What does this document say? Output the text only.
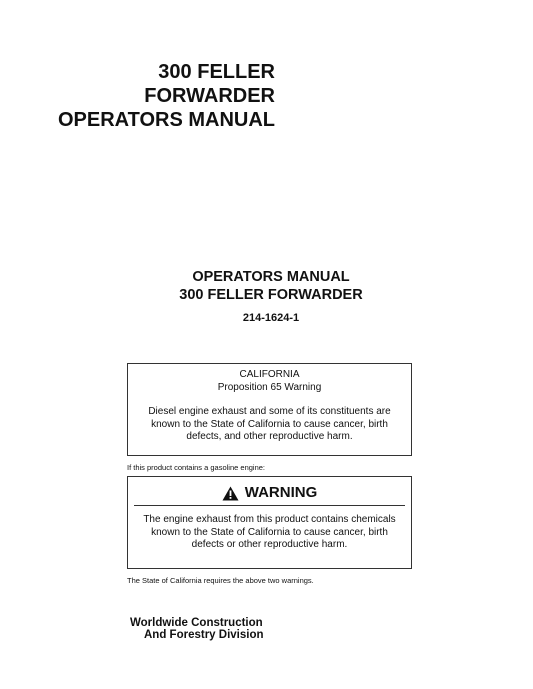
300 FELLER
FORWARDER
OPERATORS MANUAL
OPERATORS MANUAL
300 FELLER FORWARDER
214-1624-1
CALIFORNIA
Proposition 65 Warning
Diesel engine exhaust and some of its constituents are
known to the State of California to cause cancer, birth
defects, and other reproductive harm.
If this product contains a gasoline engine:
WARNING
The engine exhaust from this product contains chemicals
known to the State of California to cause cancer, birth
defects or other reproductive harm.
The State of California requires the above two warnings.
Worldwide Construction
And Forestry Division
